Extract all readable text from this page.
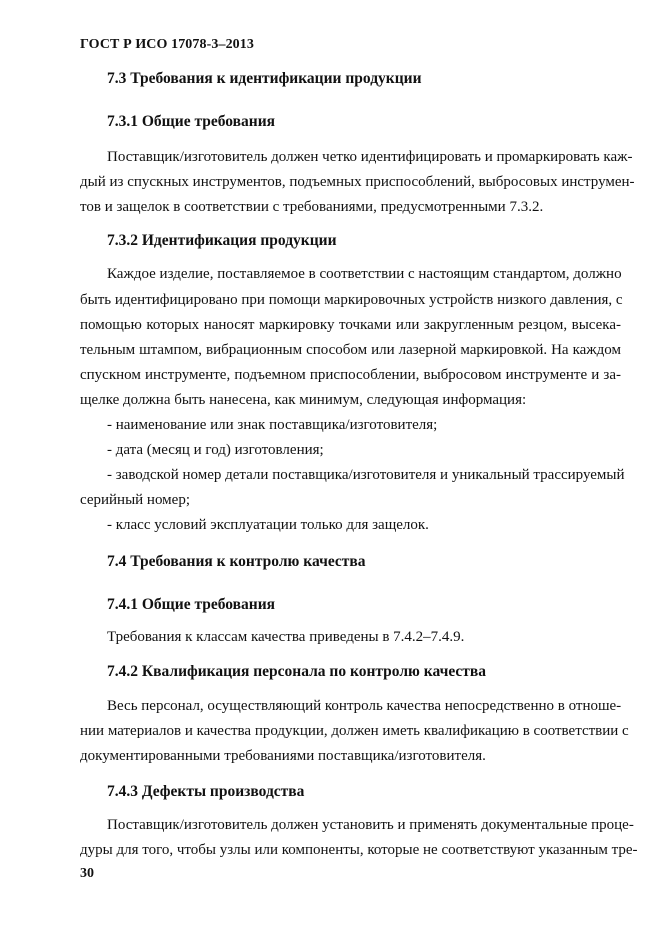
ГОСТ Р ИСО 17078-3–2013
7.3 Требования к идентификации продукции
7.3.1 Общие требования
Поставщик/изготовитель должен четко идентифицировать и промаркировать каж-
дый из спускных инструментов, подъемных приспособлений, выбросовых инструмен-
тов и защелок в соответствии с требованиями, предусмотренными 7.3.2.
7.3.2 Идентификация продукции
Каждое изделие, поставляемое в соответствии с настоящим стандартом, должно
быть идентифицировано при помощи маркировочных устройств низкого давления, с
помощью которых наносят маркировку точками или закругленным резцом, высека-
тельным штампом, вибрационным способом или лазерной маркировкой. На каждом
спускном инструменте, подъемном приспособлении, выбросовом инструменте и за-
щелке должна быть нанесена, как минимум, следующая информация:
- наименование или знак поставщика/изготовителя;
- дата (месяц и год) изготовления;
- заводской номер детали поставщика/изготовителя и уникальный трассируемый
серийный номер;
- класс условий эксплуатации только для защелок.
7.4 Требования к контролю качества
7.4.1 Общие требования
Требования к классам качества приведены в 7.4.2–7.4.9.
7.4.2 Квалификация персонала по контролю качества
Весь персонал, осуществляющий контроль качества непосредственно в отноше-
нии материалов и качества продукции, должен иметь квалификацию в соответствии с
документированными требованиями поставщика/изготовителя.
7.4.3 Дефекты производства
Поставщик/изготовитель должен установить и применять документальные проце-
дуры для того, чтобы узлы или компоненты, которые не соответствуют указанным тре-
30
